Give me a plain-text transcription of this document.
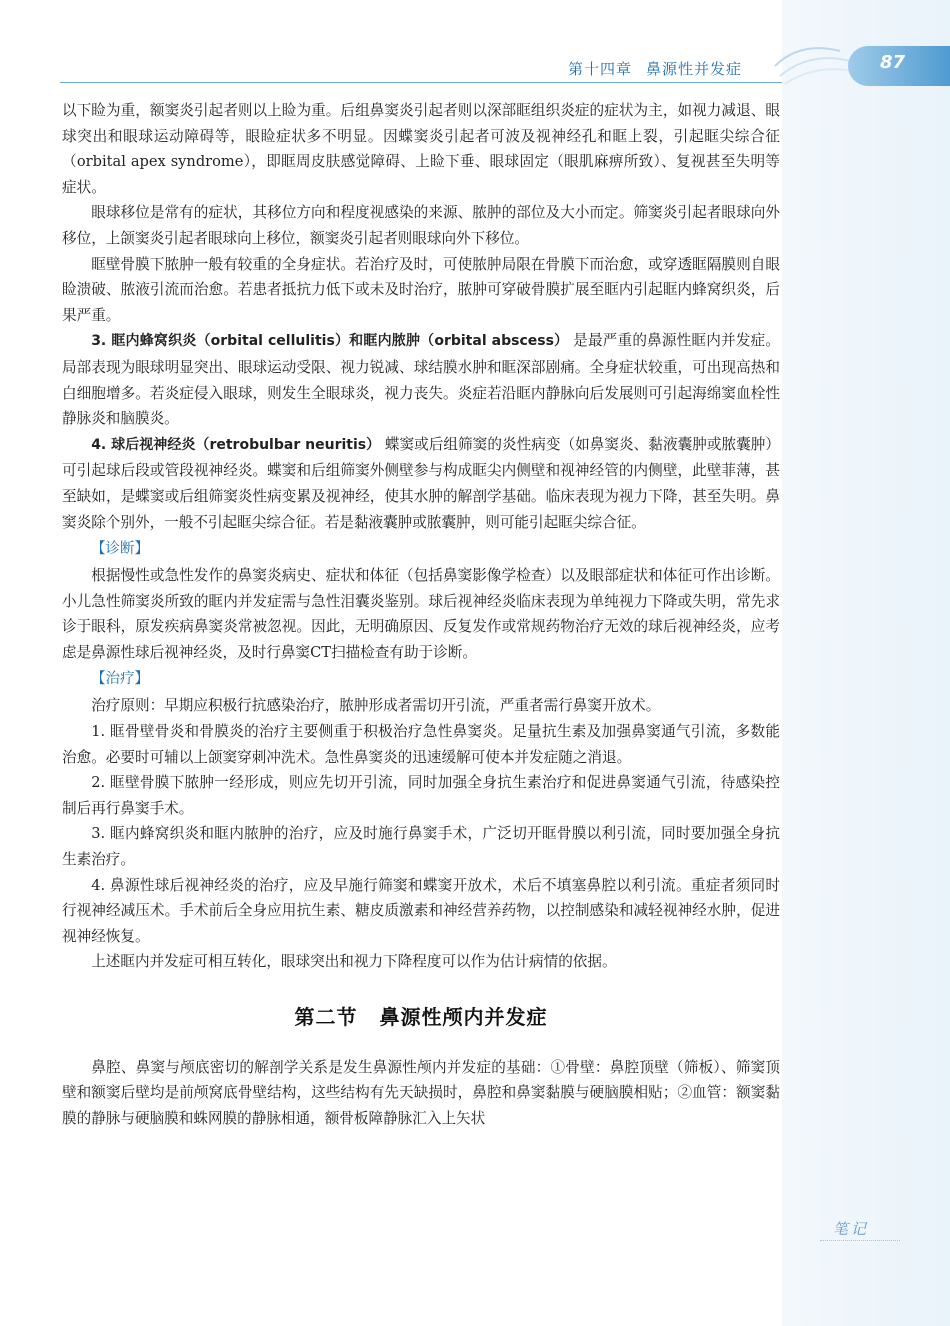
87
第十四章 鼻源性并发症

以下睑为重，额窦炎引起者则以上睑为重。后组鼻窦炎引起者则以深部眶组织炎症的症状为主，如视力减退、眼球突出和眼球运动障碍等，眼睑症状多不明显。因蝶窦炎引起者可波及视神经孔和眶上裂，引起眶尖综合征（orbital apex syndrome），即眶周皮肤感觉障碍、上睑下垂、眼球固定（眼肌麻痹所致）、复视甚至失明等症状。

眼球移位是常有的症状，其移位方向和程度视感染的来源、脓肿的部位及大小而定。筛窦炎引起者眼球向外移位，上颌窦炎引起者眼球向上移位，额窦炎引起者则眼球向外下移位。

眶壁骨膜下脓肿一般有较重的全身症状。若治疗及时，可使脓肿局限在骨膜下而治愈，或穿透眶隔膜则自眼睑溃破、脓液引流而治愈。若患者抵抗力低下或未及时治疗，脓肿可穿破骨膜扩展至眶内引起眶内蜂窝织炎，后果严重。

3. 眶内蜂窝织炎（orbital cellulitis）和眶内脓肿（orbital abscess） 是最严重的鼻源性眶内并发症。局部表现为眼球明显突出、眼球运动受限、视力锐减、球结膜水肿和眶深部剧痛。全身症状较重，可出现高热和白细胞增多。若炎症侵入眼球，则发生全眼球炎，视力丧失。炎症若沿眶内静脉向后发展则可引起海绵窦血栓性静脉炎和脑膜炎。

4. 球后视神经炎（retrobulbar neuritis） 蝶窦或后组筛窦的炎性病变（如鼻窦炎、黏液囊肿或脓囊肿）可引起球后段或管段视神经炎。蝶窦和后组筛窦外侧壁参与构成眶尖内侧壁和视神经管的内侧壁，此壁菲薄，甚至缺如，是蝶窦或后组筛窦炎性病变累及视神经，使其水肿的解剖学基础。临床表现为视力下降，甚至失明。鼻窦炎除个别外，一般不引起眶尖综合征。若是黏液囊肿或脓囊肿，则可能引起眶尖综合征。

【诊断】

根据慢性或急性发作的鼻窦炎病史、症状和体征（包括鼻窦影像学检查）以及眼部症状和体征可作出诊断。小儿急性筛窦炎所致的眶内并发症需与急性泪囊炎鉴别。球后视神经炎临床表现为单纯视力下降或失明，常先求诊于眼科，原发疾病鼻窦炎常被忽视。因此，无明确原因、反复发作或常规药物治疗无效的球后视神经炎，应考虑是鼻源性球后视神经炎，及时行鼻窦CT扫描检查有助于诊断。

【治疗】

治疗原则：早期应积极行抗感染治疗，脓肿形成者需切开引流，严重者需行鼻窦开放术。

1. 眶骨壁骨炎和骨膜炎的治疗主要侧重于积极治疗急性鼻窦炎。足量抗生素及加强鼻窦通气引流，多数能治愈。必要时可辅以上颌窦穿刺冲洗术。急性鼻窦炎的迅速缓解可使本并发症随之消退。

2. 眶壁骨膜下脓肿一经形成，则应先切开引流，同时加强全身抗生素治疗和促进鼻窦通气引流，待感染控制后再行鼻窦手术。

3. 眶内蜂窝织炎和眶内脓肿的治疗，应及时施行鼻窦手术，广泛切开眶骨膜以利引流，同时要加强全身抗生素治疗。

4. 鼻源性球后视神经炎的治疗，应及早施行筛窦和蝶窦开放术，术后不填塞鼻腔以利引流。重症者须同时行视神经减压术。手术前后全身应用抗生素、糖皮质激素和神经营养药物，以控制感染和减轻视神经水肿，促进视神经恢复。

上述眶内并发症可相互转化，眼球突出和视力下降程度可以作为估计病情的依据。

第二节 鼻源性颅内并发症

鼻腔、鼻窦与颅底密切的解剖学关系是发生鼻源性颅内并发症的基础：①骨壁：鼻腔顶壁（筛板）、筛窦顶壁和额窦后壁均是前颅窝底骨壁结构，这些结构有先天缺损时，鼻腔和鼻窦黏膜与硬脑膜相贴；②血管：额窦黏膜的静脉与硬脑膜和蛛网膜的静脉相通，额骨板障静脉汇入上矢状

笔记
